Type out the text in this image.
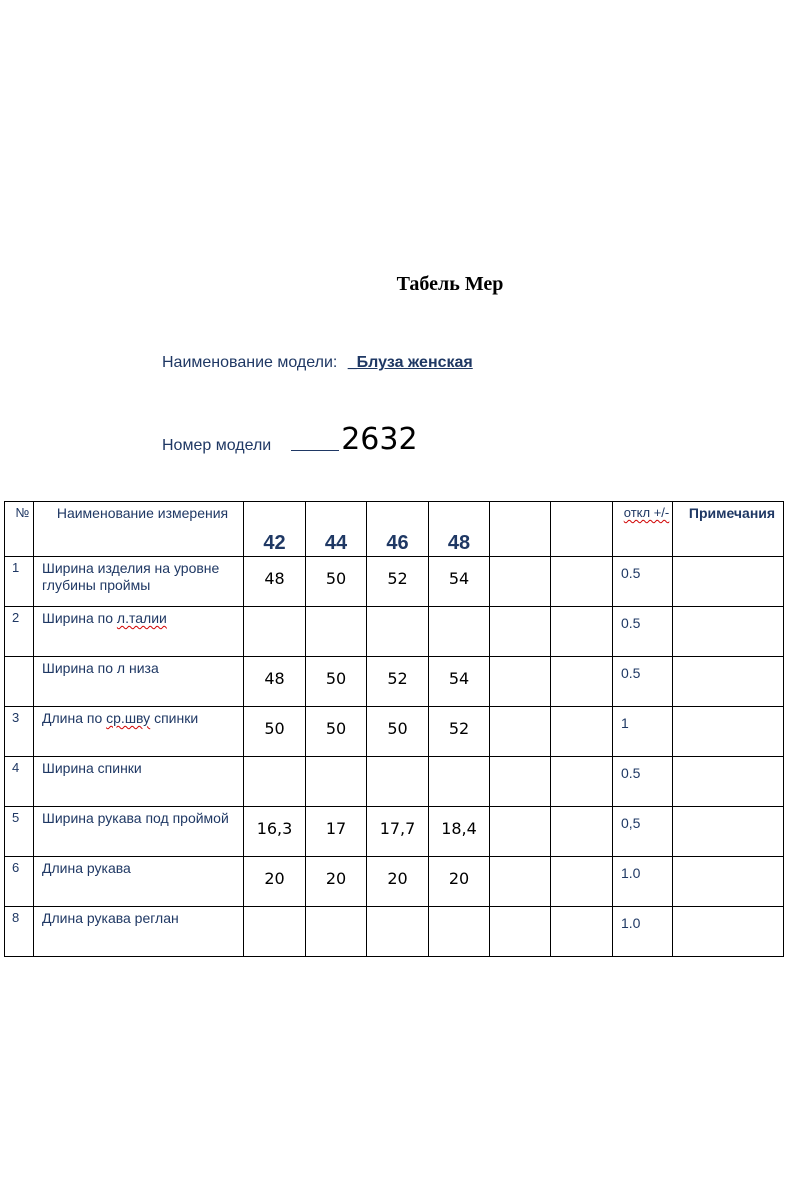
Табель Мер
Наименование модели: _Блуза женская
Номер модели 2632
№	Наименование измерения	42	44	46	48			откл +/-	Примечания
1	Ширина изделия на уровне глубины проймы	48	50	52	54			0.5	
2	Ширина по л.талии							0.5	
	Ширина по л низа	48	50	52	54			0.5	
3	Длина по ср.шву спинки	50	50	50	52			1	
4	Ширина спинки							0.5	
5	Ширина рукава под проймой	16,3	17	17,7	18,4			0,5	
6	Длина рукава	20	20	20	20			1.0	
8	Длина рукава реглан							1.0	
